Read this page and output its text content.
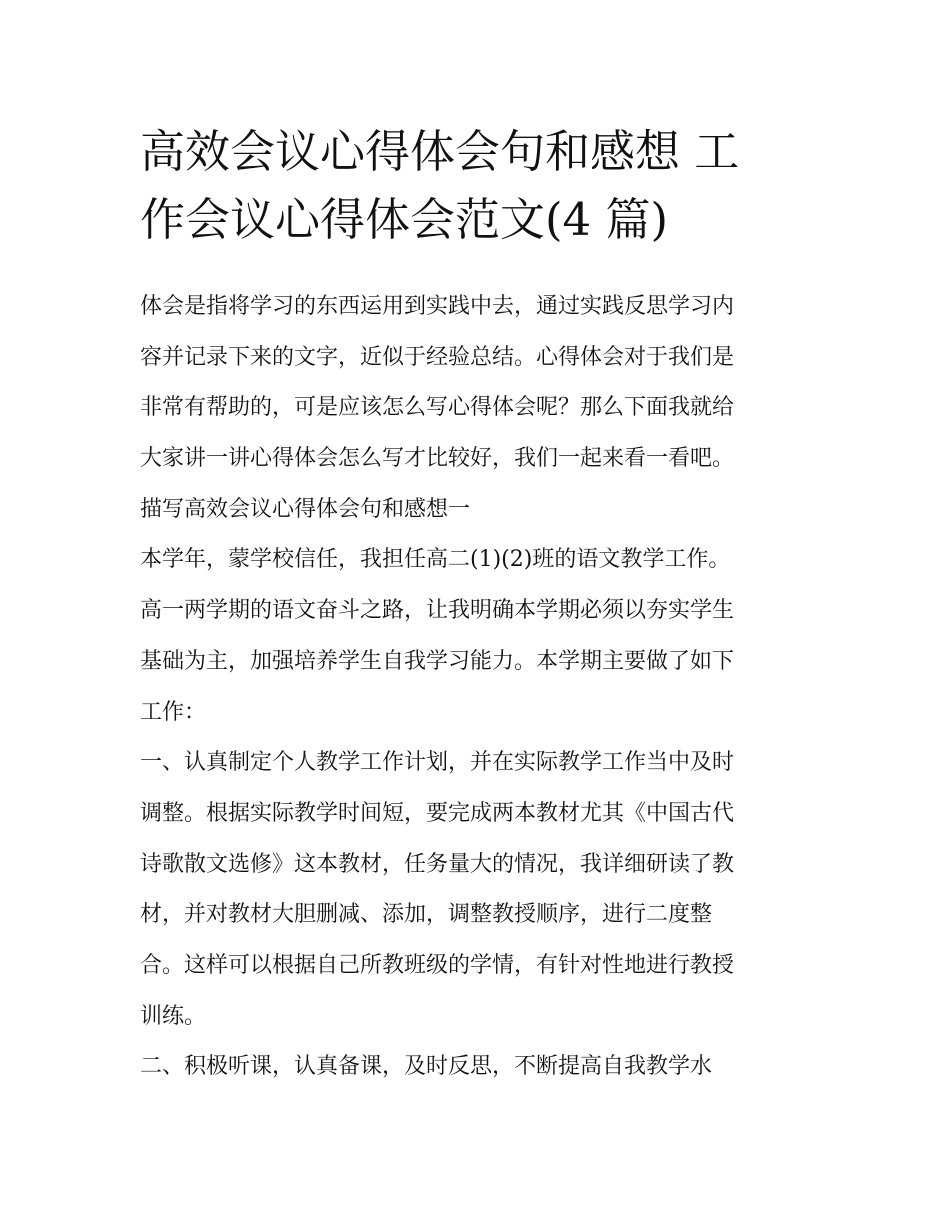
高效会议心得体会句和感想 工
作会议心得体会范文(4 篇)
体会是指将学习的东西运用到实践中去，通过实践反思学习内
容并记录下来的文字，近似于经验总结。心得体会对于我们是
非常有帮助的，可是应该怎么写心得体会呢？那么下面我就给
大家讲一讲心得体会怎么写才比较好，我们一起来看一看吧。
描写高效会议心得体会句和感想一
本学年，蒙学校信任，我担任高二(1)(2)班的语文教学工作。
高一两学期的语文奋斗之路，让我明确本学期必须以夯实学生
基础为主，加强培养学生自我学习能力。本学期主要做了如下
工作：
一、认真制定个人教学工作计划，并在实际教学工作当中及时
调整。根据实际教学时间短，要完成两本教材尤其《中国古代
诗歌散文选修》这本教材，任务量大的情况，我详细研读了教
材，并对教材大胆删减、添加，调整教授顺序，进行二度整
合。这样可以根据自己所教班级的学情，有针对性地进行教授
训练。
二、积极听课，认真备课，及时反思，不断提高自我教学水
